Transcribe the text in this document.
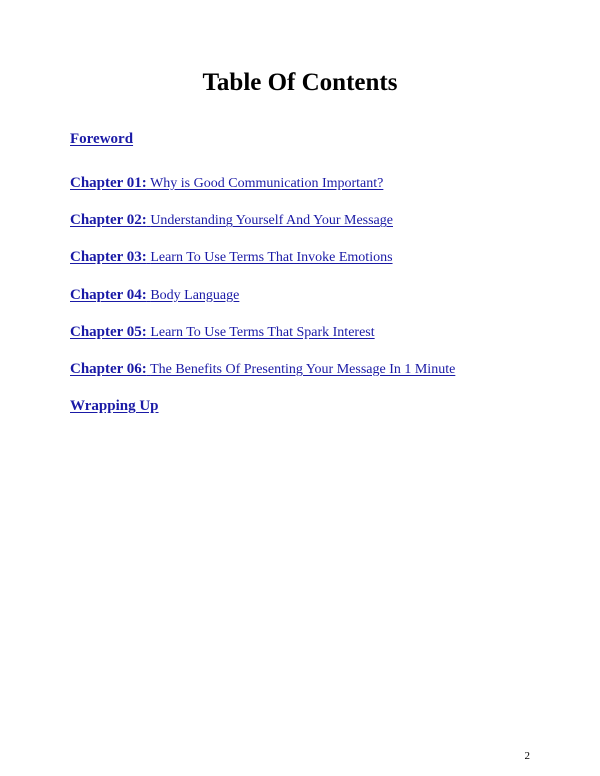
Table Of Contents
Foreword
Chapter 01: Why is Good Communication Important?
Chapter 02: Understanding Yourself And Your Message
Chapter 03: Learn To Use Terms That Invoke Emotions
Chapter 04: Body Language
Chapter 05: Learn To Use Terms That Spark Interest
Chapter 06: The Benefits Of Presenting Your Message In 1 Minute
Wrapping Up
2
